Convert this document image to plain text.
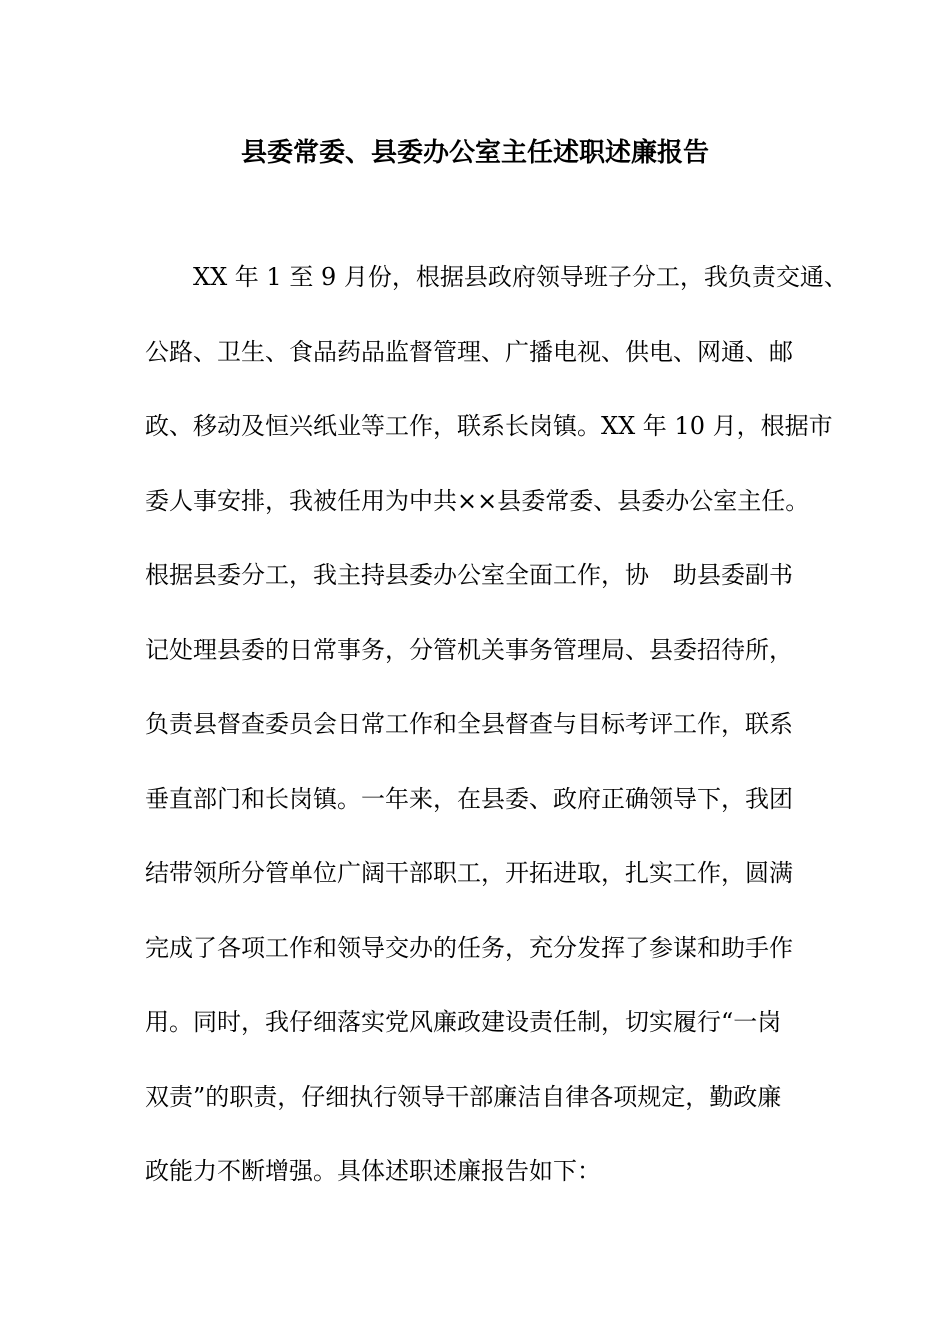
县委常委、县委办公室主任述职述廉报告
XX 年 1 至 9 月份，根据县政府领导班子分工，我负责交通、
公路、卫生、食品药品监督管理、广播电视、供电、网通、邮
政、移动及恒兴纸业等工作，联系长岗镇。XX 年 10 月，根据市
委人事安排，我被任用为中共××县委常委、县委办公室主任。
根据县委分工，我主持县委办公室全面工作，协　助县委副书
记处理县委的日常事务，分管机关事务管理局、县委招待所，
负责县督查委员会日常工作和全县督查与目标考评工作，联系
垂直部门和长岗镇。一年来，在县委、政府正确领导下，我团
结带领所分管单位广阔干部职工，开拓进取，扎实工作，圆满
完成了各项工作和领导交办的任务，充分发挥了参谋和助手作
用。同时，我仔细落实党风廉政建设责任制，切实履行“一岗
双责”的职责，仔细执行领导干部廉洁自律各项规定，勤政廉
政能力不断增强。具体述职述廉报告如下：
